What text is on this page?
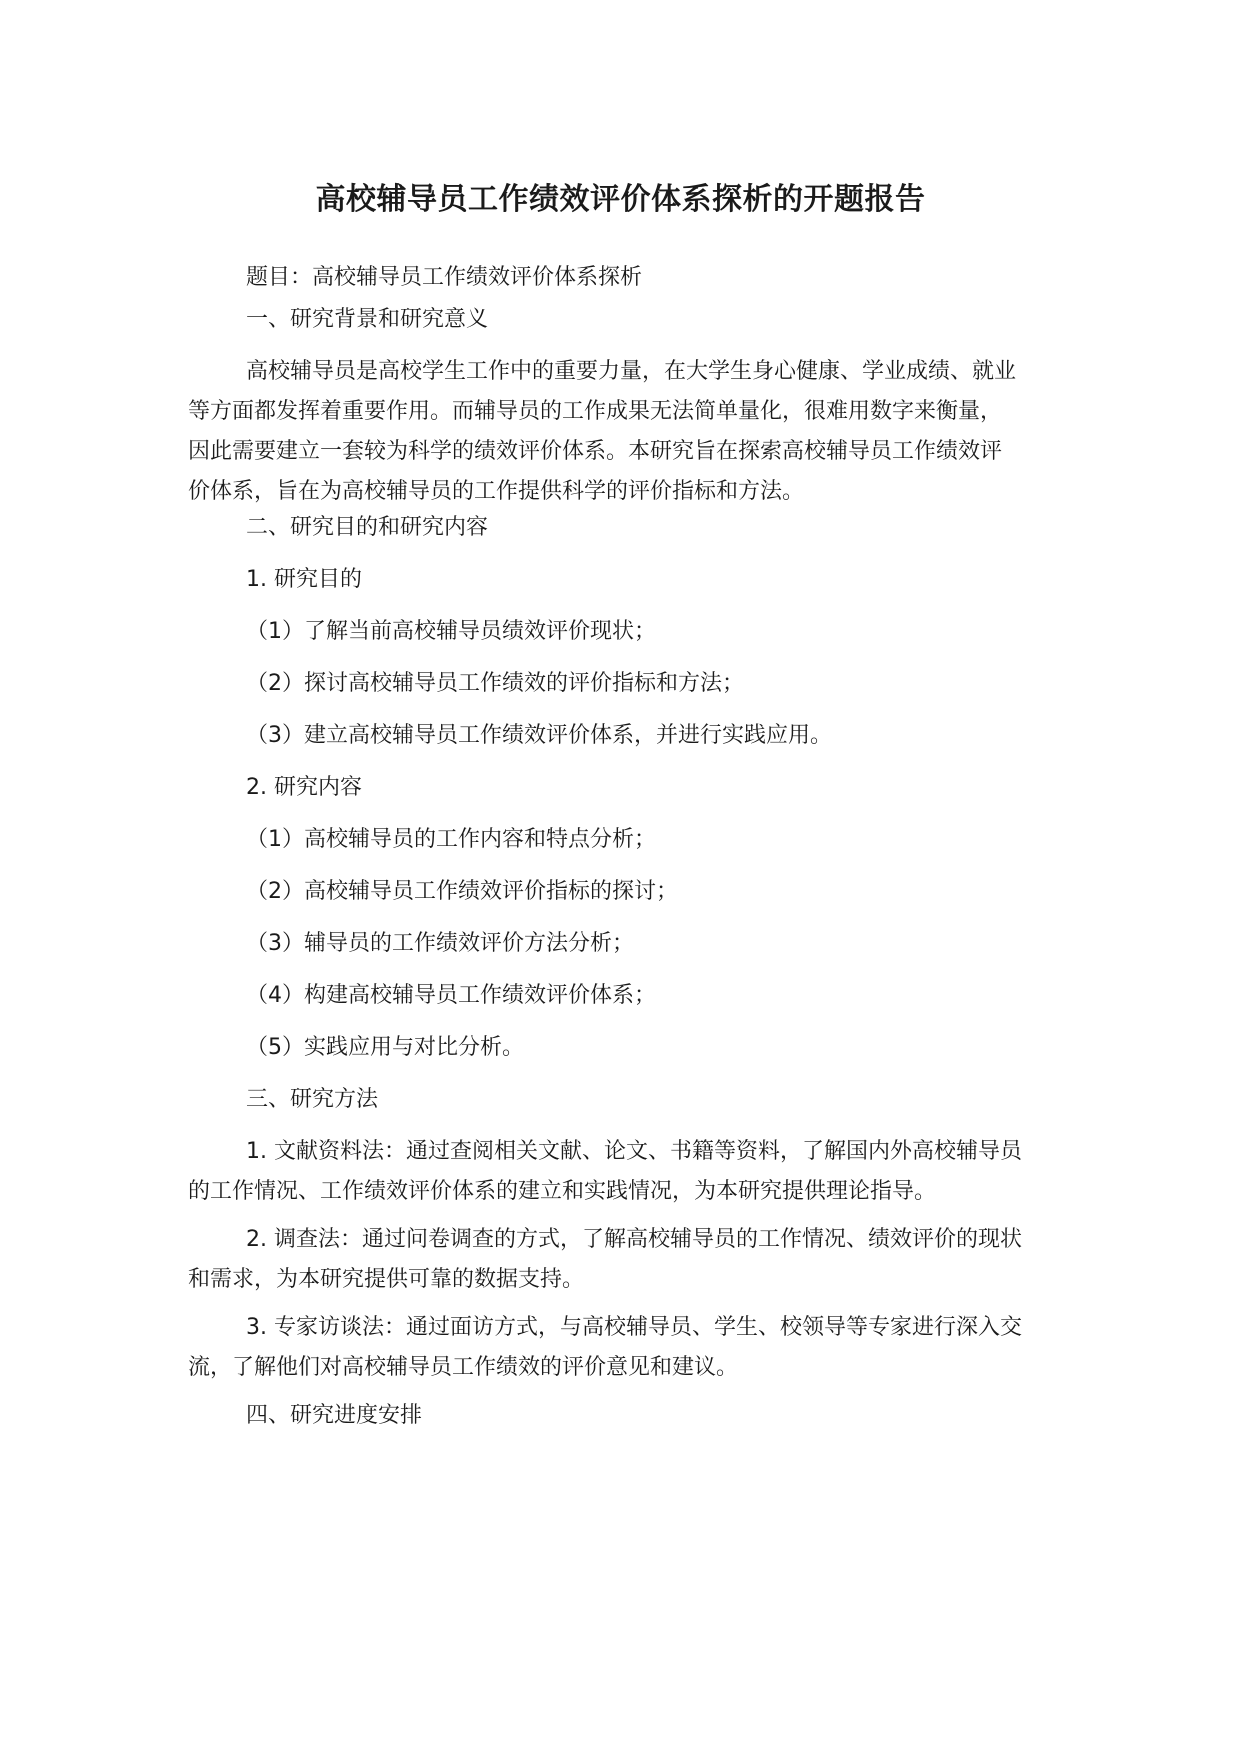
高校辅导员工作绩效评价体系探析的开题报告

题目：高校辅导员工作绩效评价体系探析

一、研究背景和研究意义

高校辅导员是高校学生工作中的重要力量，在大学生身心健康、学业成绩、就业
等方面都发挥着重要作用。而辅导员的工作成果无法简单量化，很难用数字来衡量，
因此需要建立一套较为科学的绩效评价体系。本研究旨在探索高校辅导员工作绩效评
价体系，旨在为高校辅导员的工作提供科学的评价指标和方法。

二、研究目的和研究内容

1. 研究目的

（1）了解当前高校辅导员绩效评价现状；

（2）探讨高校辅导员工作绩效的评价指标和方法；

（3）建立高校辅导员工作绩效评价体系，并进行实践应用。

2. 研究内容

（1）高校辅导员的工作内容和特点分析；

（2）高校辅导员工作绩效评价指标的探讨；

（3）辅导员的工作绩效评价方法分析；

（4）构建高校辅导员工作绩效评价体系；

（5）实践应用与对比分析。

三、研究方法

1. 文献资料法：通过查阅相关文献、论文、书籍等资料，了解国内外高校辅导员
的工作情况、工作绩效评价体系的建立和实践情况，为本研究提供理论指导。
2. 调查法：通过问卷调查的方式，了解高校辅导员的工作情况、绩效评价的现状
和需求，为本研究提供可靠的数据支持。
3. 专家访谈法：通过面访方式，与高校辅导员、学生、校领导等专家进行深入交
流，了解他们对高校辅导员工作绩效的评价意见和建议。

四、研究进度安排
